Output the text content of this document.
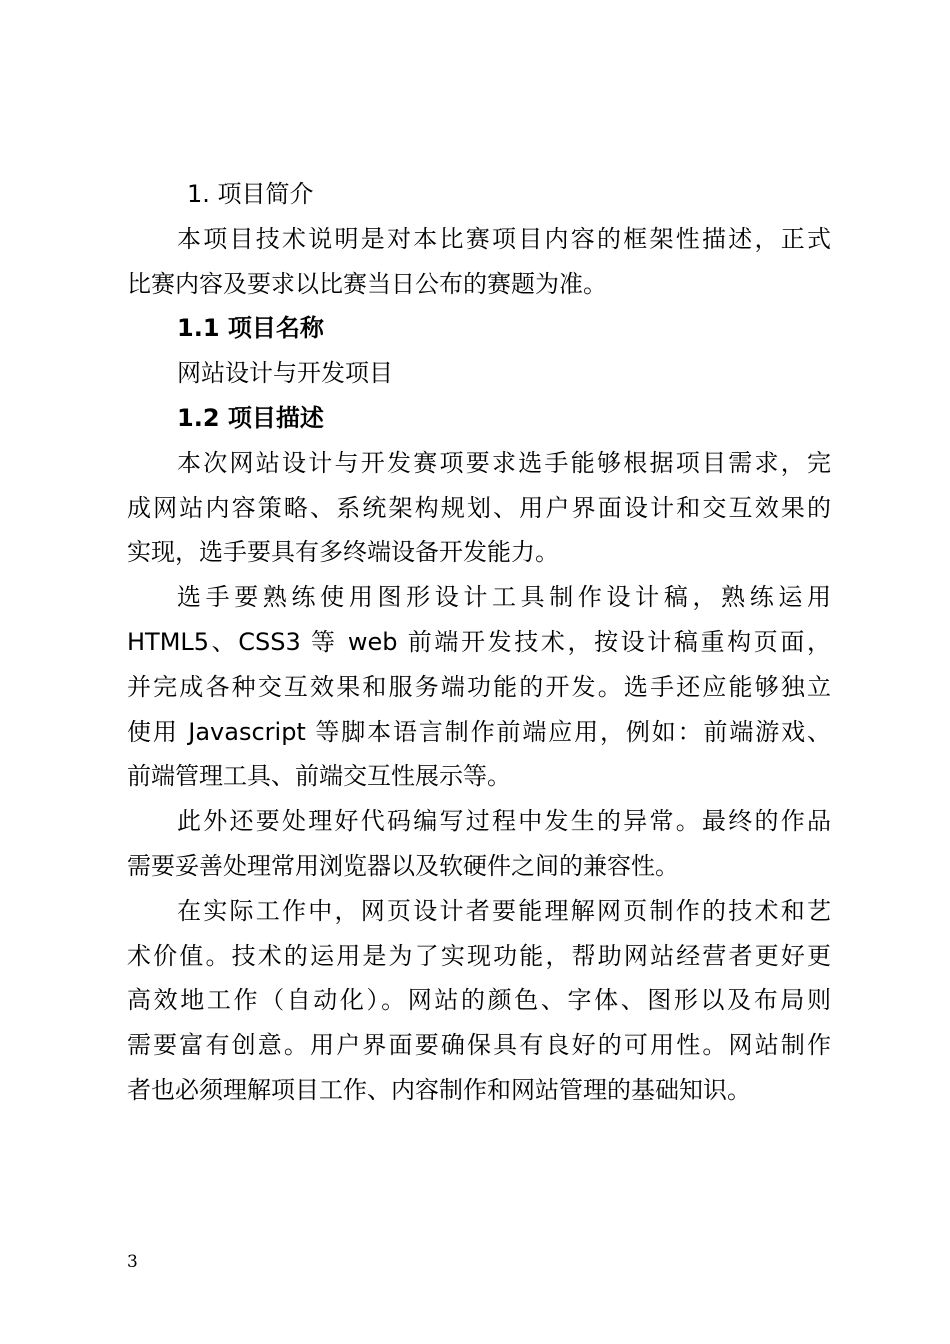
1. 项目简介

本项目技术说明是对本比赛项目内容的框架性描述，正式

比赛内容及要求以比赛当日公布的赛题为准。

1.1 项目名称

网站设计与开发项目

1.2 项目描述

本次网站设计与开发赛项要求选手能够根据项目需求，完

成网站内容策略、系统架构规划、用户界面设计和交互效果的

实现，选手要具有多终端设备开发能力。

选手要熟练使用图形设计工具制作设计稿，熟练运用

HTML5、CSS3 等 web 前端开发技术，按设计稿重构页面，

并完成各种交互效果和服务端功能的开发。选手还应能够独立

使用 Javascript 等脚本语言制作前端应用，例如：前端游戏、

前端管理工具、前端交互性展示等。

此外还要处理好代码编写过程中发生的异常。最终的作品

需要妥善处理常用浏览器以及软硬件之间的兼容性。

在实际工作中，网页设计者要能理解网页制作的技术和艺

术价值。技术的运用是为了实现功能，帮助网站经营者更好更

高效地工作（自动化）。网站的颜色、字体、图形以及布局则

需要富有创意。用户界面要确保具有良好的可用性。网站制作

者也必须理解项目工作、内容制作和网站管理的基础知识。

3
